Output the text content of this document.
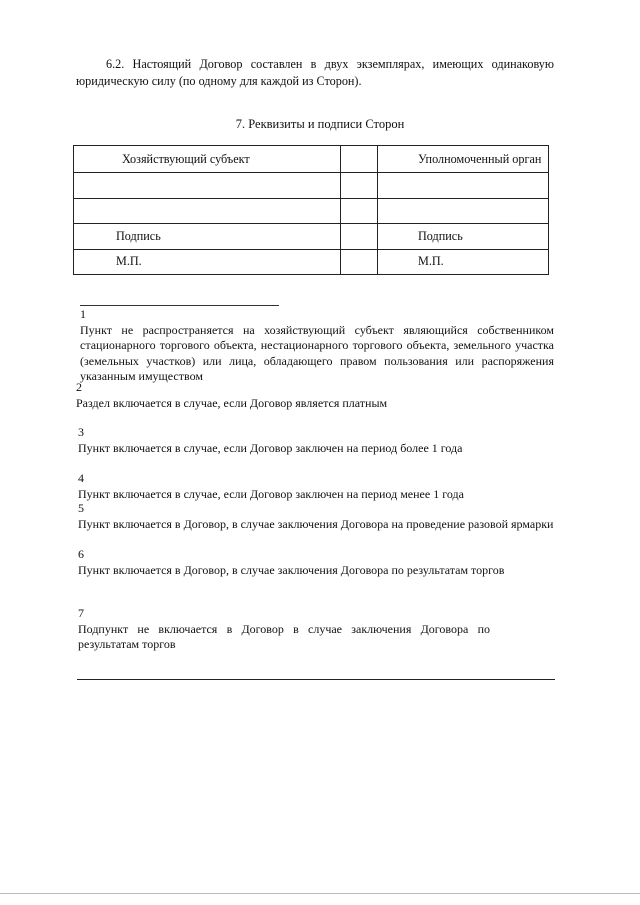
6.2. Настоящий Договор составлен в двух экземплярах, имеющих одинаковую юридическую силу (по одному для каждой из Сторон).

7. Реквизиты и подписи Сторон
Хозяйствующий субъект		Уполномоченный орган

Подпись		Подпись
М.П.		М.П.
1
Пункт не распространяется на хозяйствующий субъект являющийся собственником стационарного торгового объекта, нестационарного торгового объекта, земельного участка (земельных участков) или лица, обладающего правом пользования или распоряжения указанным имуществом
2
Раздел включается в случае, если Договор является платным
3
Пункт включается в случае, если Договор заключен на период более 1 года
4
Пункт включается в случае, если Договор заключен на период менее 1 года
5
Пункт включается в Договор, в случае заключения Договора на проведение разовой ярмарки
6
Пункт включается в Договор, в случае заключения Договора по результатам торгов
7
Подпункт не включается в Договор в случае заключения Договора по результатам торгов
